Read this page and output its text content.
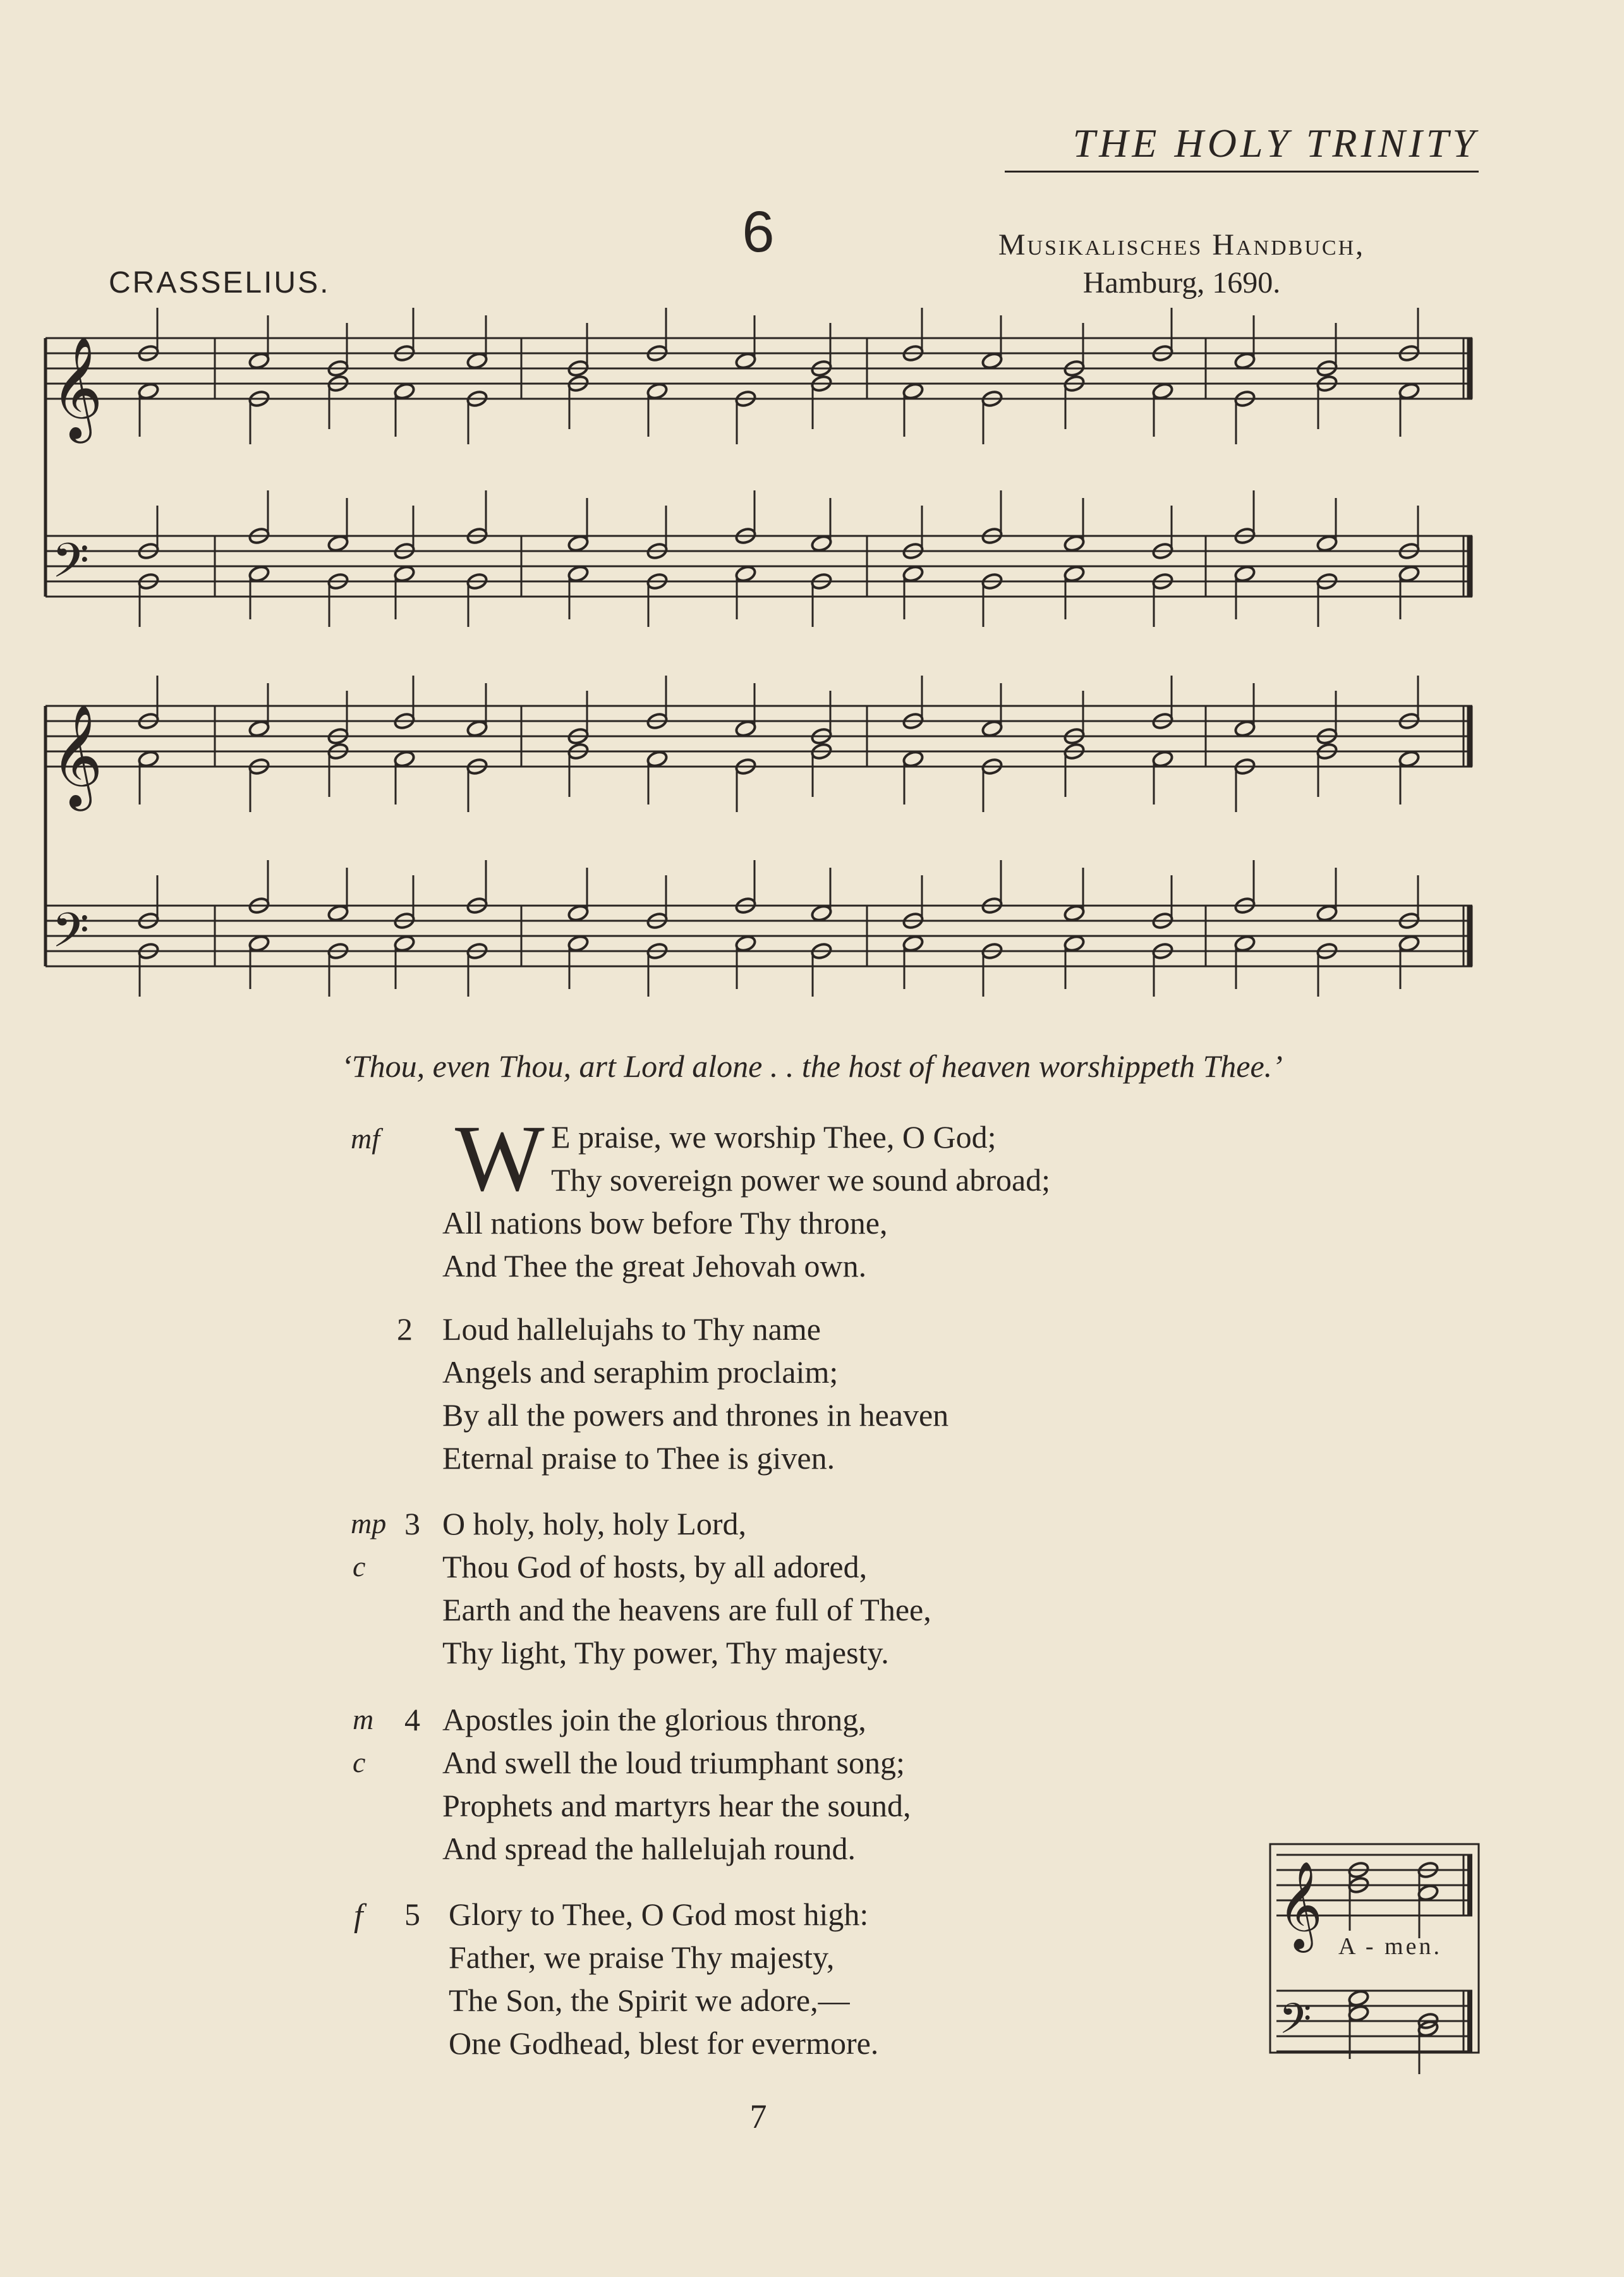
THE HOLY TRINITY
6
CRASSELIUS.
Musikalisches Handbuch,
Hamburg, 1690.
𝄞
𝄢
𝄞
𝄢
𝄞
𝄢
‘Thou, even Thou, art Lord alone . . the host of heaven worshippeth Thee.’
mf W E praise, we worship Thee, O God;
Thy sovereign power we sound abroad;
All nations bow before Thy throne,
And Thee the great Jehovah own.
2 Loud hallelujahs to Thy name
Angels and seraphim proclaim;
By all the powers and thrones in heaven
Eternal praise to Thee is given.
mp 3
c
O holy, holy, holy Lord,
Thou God of hosts, by all adored,
Earth and the heavens are full of Thee,
Thy light, Thy power, Thy majesty.
m 4
c
Apostles join the glorious throng,
And swell the loud triumphant song;
Prophets and martyrs hear the sound,
And spread the hallelujah round.
f 5 Glory to Thee, O God most high:
Father, we praise Thy majesty,
The Son, the Spirit we adore,—
One Godhead, blest for evermore.
A - men.
7
